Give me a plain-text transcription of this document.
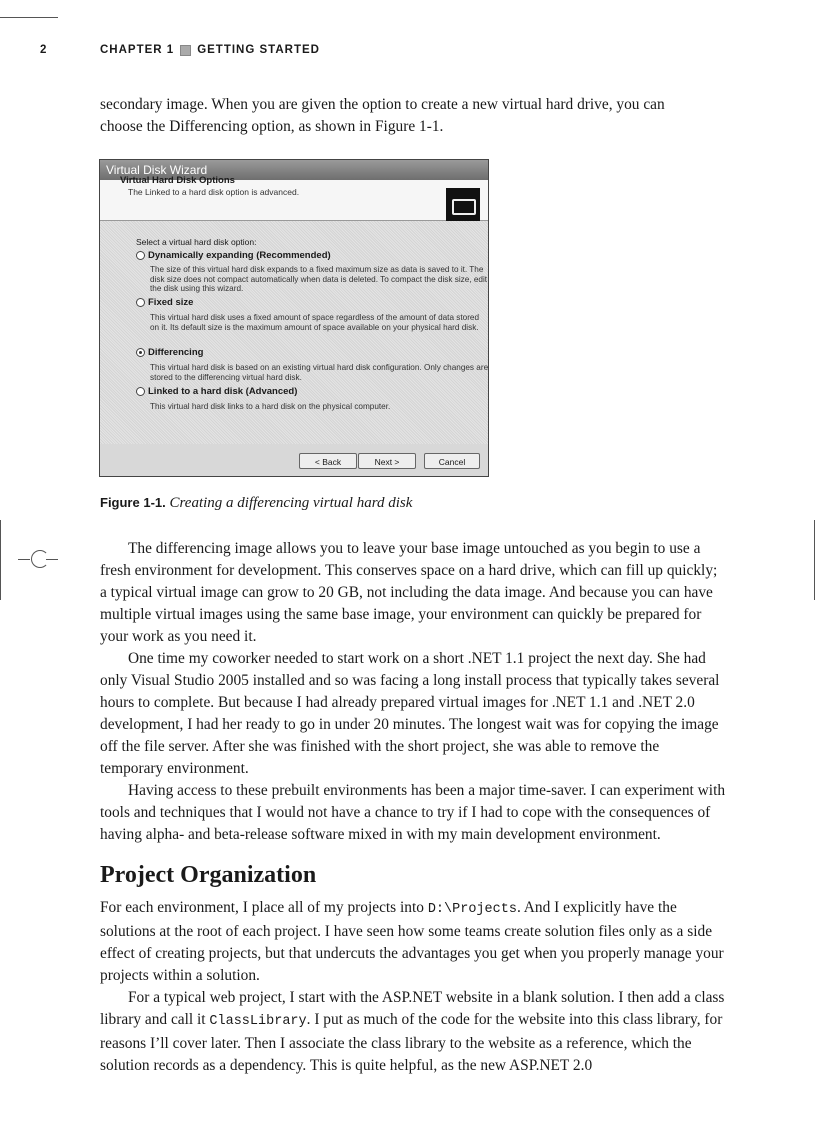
2	CHAPTER 1 GETTING STARTED

secondary image. When you are given the option to create a new virtual hard drive, you can

choose the Differencing option, as shown in Figure 1-1.

Virtual Disk Wizard
Virtual Hard Disk Options
The Linked to a hard disk option is advanced.
Select a virtual hard disk option:
Dynamically expanding (Recommended)
The size of this virtual hard disk expands to a fixed maximum size as data is saved to it. The disk size does not compact automatically when data is deleted. To compact the disk size, edit the disk using this wizard.
Fixed size
This virtual hard disk uses a fixed amount of space regardless of the amount of data stored on it. Its default size is the maximum amount of space available on your physical hard disk.
Differencing
This virtual hard disk is based on an existing virtual hard disk configuration. Only changes are stored to the differencing virtual hard disk.
Linked to a hard disk (Advanced)
This virtual hard disk links to a hard disk on the physical computer.
< Back	Next >	Cancel
Figure 1-1. Creating a differencing virtual hard disk

The differencing image allows you to leave your base image untouched as you begin to use a fresh environment for development. This conserves space on a hard drive, which can fill up quickly; a typical virtual image can grow to 20 GB, not including the data image. And because you can have multiple virtual images using the same base image, your environment can quickly be prepared for your work as you need it.

One time my coworker needed to start work on a short .NET 1.1 project the next day. She had only Visual Studio 2005 installed and so was facing a long install process that typically takes several hours to complete. But because I had already prepared virtual images for .NET 1.1 and .NET 2.0 development, I had her ready to go in under 20 minutes. The longest wait was for copying the image off the file server. After she was finished with the short project, she was able to remove the temporary environment.

Having access to these prebuilt environments has been a major time-saver. I can experiment with tools and techniques that I would not have a chance to try if I had to cope with the consequences of having alpha- and beta-release software mixed in with my main development environment.

Project Organization

For each environment, I place all of my projects into D:\Projects. And I explicitly have the solutions at the root of each project. I have seen how some teams create solution files only as a side effect of creating projects, but that undercuts the advantages you get when you properly manage your projects within a solution.

For a typical web project, I start with the ASP.NET website in a blank solution. I then add a class library and call it ClassLibrary. I put as much of the code for the website into this class library, for reasons I’ll cover later. Then I associate the class library to the website as a reference, which the solution records as a dependency. This is quite helpful, as the new ASP.NET 2.0
